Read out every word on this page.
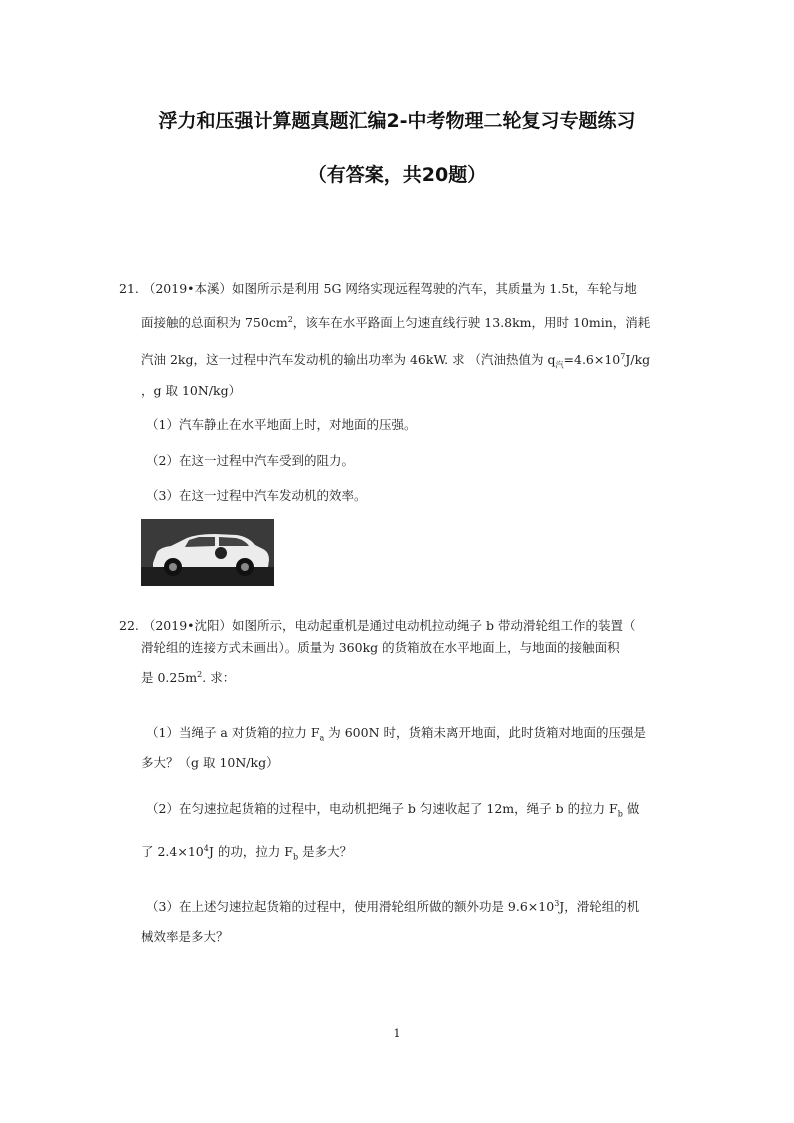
浮力和压强计算题真题汇编2-中考物理二轮复习专题练习
（有答案，共20题）
21. （2019•本溪）如图所示是利用 5G 网络实现远程驾驶的汽车，其质量为 1.5t，车轮与地
面接触的总面积为 $750cm^2$，该车在水平路面上匀速直线行驶 13.8km，用时 10min，消耗
汽油 2kg，这一过程中汽车发动机的输出功率为 46kW. 求 （汽油热值为 $q_汽=4.6\times 10^7J/kg$
，g 取 10N/kg）
（1）汽车静止在水平地面上时，对地面的压强。
（2）在这一过程中汽车受到的阻力。
（3）在这一过程中汽车发动机的效率。
22. （2019•沈阳）如图所示，电动起重机是通过电动机拉动绳子 b 带动滑轮组工作的装置（
滑轮组的连接方式未画出）。质量为 360kg 的货箱放在水平地面上，与地面的接触面积
是 $0.25m^2$. 求：
（1）当绳子 a 对货箱的拉力 $F_a$ 为 600N 时，货箱未离开地面，此时货箱对地面的压强是
多大？（g 取 10N/kg）
（2）在匀速拉起货箱的过程中，电动机把绳子 b 匀速收起了 12m，绳子 b 的拉力 $F_b$ 做
了 $2.4\times 10^4J$ 的功，拉力 $F_b$ 是多大？
（3）在上述匀速拉起货箱的过程中，使用滑轮组所做的额外功是 $9.6\times 10^3J$，滑轮组的机
械效率是多大？
1
